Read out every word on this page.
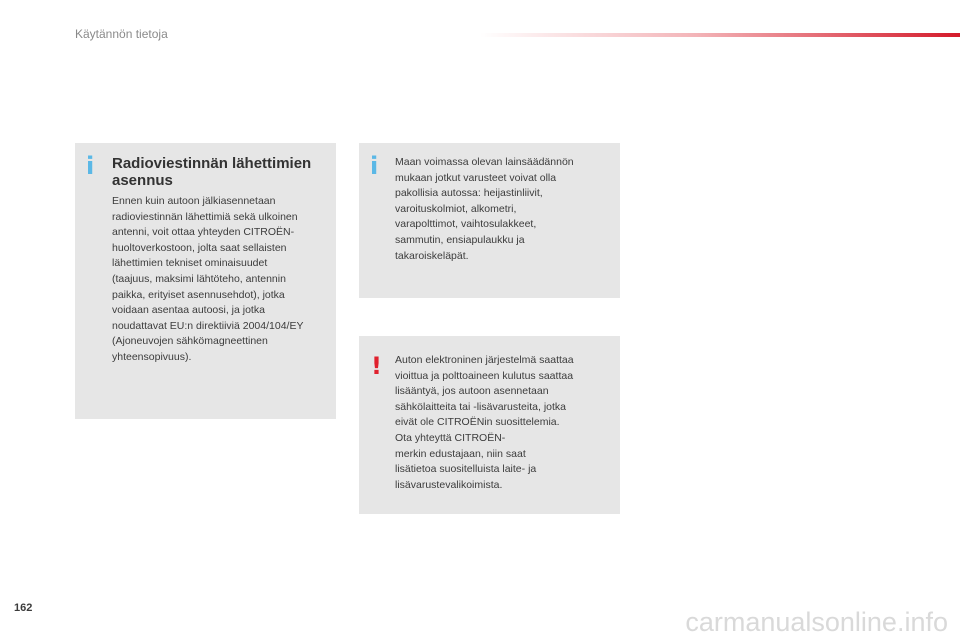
Käytännön tietoja
i Radioviestinnän lähettimien asennus
Ennen kuin autoon jälkiasennetaan
radioviestinnän lähettimiä sekä ulkoinen
antenni, voit ottaa yhteyden CITROËN-
huoltoverkostoon, jolta saat sellaisten
lähettimien tekniset ominaisuudet
(taajuus, maksimi lähtöteho, antennin
paikka, erityiset asennusehdot), jotka
voidaan asentaa autoosi, ja jotka
noudattavat EU:n direktiiviä 2004/104/EY
(Ajoneuvojen sähkömagneettinen
yhteensopivuus).
i Maan voimassa olevan lainsäädännön
mukaan jotkut varusteet voivat olla
pakollisia autossa: heijastinliivit,
varoituskolmiot, alkometri,
varapolttimot, vaihtosulakkeet,
sammutin, ensiapulaukku ja
takaroiskeläpät.
! Auton elektroninen järjestelmä saattaa
vioittua ja polttoaineen kulutus saattaa
lisääntyä, jos autoon asennetaan
sähkölaitteita tai -lisävarusteita, jotka
eivät ole CITROËNin suosittelemia.
Ota yhteyttä CITROËN-
merkin edustajaan, niin saat
lisätietoa suositelluista laite- ja
lisävarustevalikoimista.
162	carmanualsonline.info
